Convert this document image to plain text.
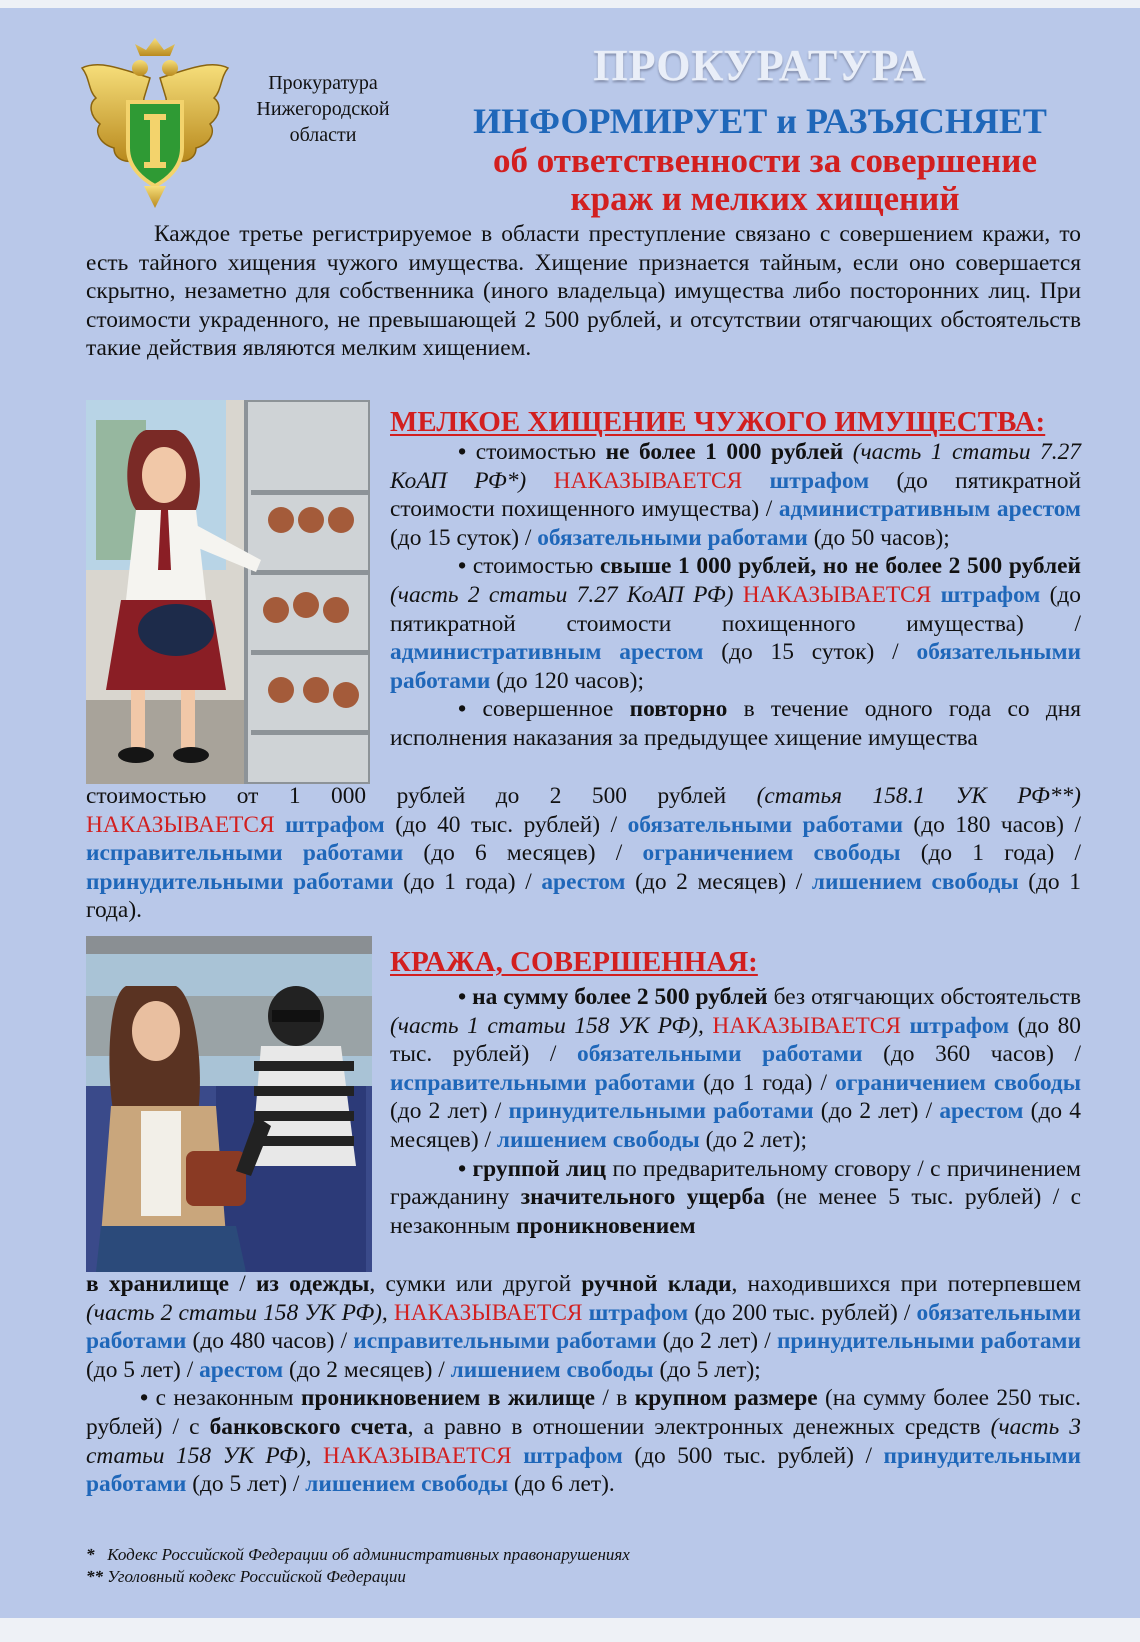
Прокуратура
Нижегородской
области
ПРОКУРАТУРА
ИНФОРМИРУЕТ и РАЗЪЯСНЯЕТ
об ответственности за совершение
краж и мелких хищений

Каждое третье регистрируемое в области преступление связано с совершением кражи, то есть тайного хищения чужого имущества. Хищение признается тайным, если оно совершается скрытно, незаметно для собственника (иного владельца) имущества либо посторонних лиц. При стоимости украденного, не превышающей 2 500 рублей, и отсутствии отягчающих обстоятельств такие действия являются мелким хищением.

МЕЛКОЕ ХИЩЕНИЕ ЧУЖОГО ИМУЩЕСТВА:

• стоимостью не более 1 000 рублей (часть 1 статьи 7.27 КоАП РФ*) НАКАЗЫВАЕТСЯ штрафом (до пятикратной стоимости похищенного имущества) / административным арестом (до 15 суток) / обязательными работами (до 50 часов);

• стоимостью свыше 1 000 рублей, но не более 2 500 рублей (часть 2 статьи 7.27 КоАП РФ) НАКАЗЫВАЕТСЯ штрафом (до пятикратной стоимости похищенного имущества) / административным арестом (до 15 суток) / обязательными работами (до 120 часов);

• совершенное повторно в течение одного года со дня исполнения наказания за предыдущее хищение имущества

стоимостью от 1 000 рублей до 2 500 рублей (статья 158.1 УК РФ**)

НАКАЗЫВАЕТСЯ штрафом (до 40 тыс. рублей) / обязательными работами (до 180 часов) / исправительными работами (до 6 месяцев) / ограничением свободы (до 1 года) / принудительными работами (до 1 года) / арестом (до 2 месяцев) / лишением свободы (до 1 года).

КРАЖА, СОВЕРШЕННАЯ:

• на сумму более 2 500 рублей без отягчающих обстоятельств (часть 1 статьи 158 УК РФ), НАКАЗЫВАЕТСЯ штрафом (до 80 тыс. рублей) / обязательными работами (до 360 часов) / исправительными работами (до 1 года) / ограничением свободы (до 2 лет) / принудительными работами (до 2 лет) / арестом (до 4 месяцев) / лишением свободы (до 2 лет);

• группой лиц по предварительному сговору / с причинением гражданину значительного ущерба (не менее 5 тыс. рублей) / с незаконным проникновением

в хранилище / из одежды, сумки или другой ручной клади, находившихся при потерпевшем (часть 2 статьи 158 УК РФ), НАКАЗЫВАЕТСЯ штрафом (до 200 тыс. рублей) / обязательными работами (до 480 часов) / исправительными работами (до 2 лет) / принудительными работами (до 5 лет) / арестом (до 2 месяцев) / лишением свободы (до 5 лет);

• с незаконным проникновением в жилище / в крупном размере (на сумму более 250 тыс. рублей) / с банковского счета, а равно в отношении электронных денежных средств (часть 3 статьи 158 УК РФ), НАКАЗЫВАЕТСЯ штрафом (до 500 тыс. рублей) / принудительными работами (до 5 лет) / лишением свободы (до 6 лет).

* Кодекс Российской Федерации об административных правонарушениях
** Уголовный кодекс Российской Федерации
